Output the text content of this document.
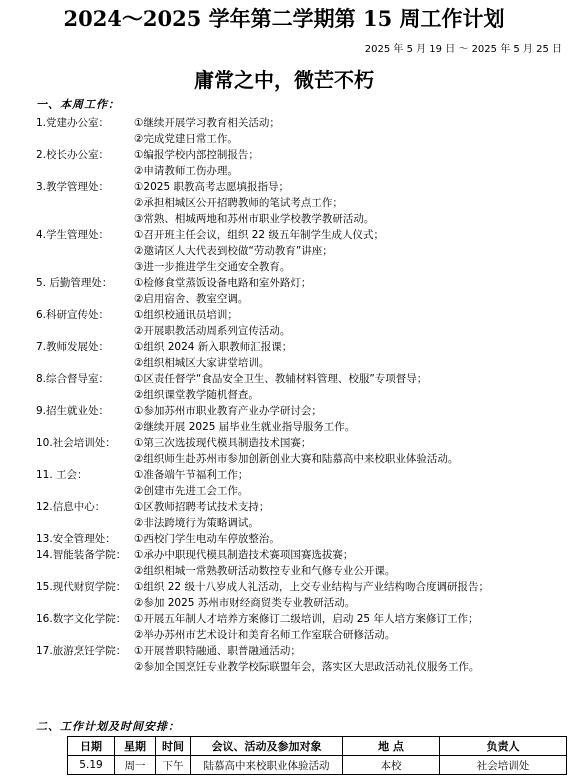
2024～2025 学年第二学期第 15 周工作计划
2025 年 5 月 19 日 ～ 2025 年 5 月 25 日
庸常之中，微芒不朽
一、本周工作：
1.党建办公室：	①继续开展学习教育相关活动；
②完成党建日常工作。
2.校长办公室：	①编报学校内部控制报告；
②申请教师工伤办理。
3.教学管理处：	①2025 职教高考志愿填报指导；
②承担相城区公开招聘教师的笔试考点工作；
③常熟、相城两地和苏州市职业学校教学教研活动。
4.学生管理处：	①召开班主任会议，组织 22 级五年制学生成人仪式；
②邀请区人大代表到校做“劳动教育”讲座；
③进一步推进学生交通安全教育。
5. 后勤管理处：	①检修食堂蒸饭设备电路和室外路灯；
②启用宿舍、教室空调。
6.科研宣传处：	①组织校通讯员培训；
②开展职教活动周系列宣传活动。
7.教师发展处：	①组织 2024 新入职教师汇报课；
②组织相城区大家讲堂培训。
8.综合督导室：	①区责任督学“食品安全卫生、教辅材料管理、校服”专项督导；
②组织课堂教学随机督查。
9.招生就业处：	①参加苏州市职业教育产业办学研讨会；
②继续开展 2025 届毕业生就业指导服务工作。
10.社会培训处：	①第三次选拔现代模具制造技术国赛；
②组织师生赴苏州市参加创新创业大赛和陆慕高中来校职业体验活动。
11. 工会：	①准备端午节福利工作；
②创建市先进工会工作。
12.信息中心：	①区教师招聘考试技术支持；
②非法跨境行为策略调试。
13.安全管理处：	①西校门学生电动车停放整治。
14.智能装备学院： ①承办中职现代模具制造技术赛项国赛选拔赛；
②组织相城一常熟教研活动数控专业和气修专业公开课。
15.现代财贸学院： ①组织 22 级十八岁成人礼活动，上交专业结构与产业结构吻合度调研报告；
②参加 2025 苏州市财经商贸类专业教研活动。
16.数字文化学院： ①开展五年制人才培养方案修订二级培训，启动 25 年人培方案修订工作；
②举办苏州市艺术设计和美育名师工作室联合研修活动。
17.旅游烹饪学院： ①开展普职特融通、职普融通活动；
②参加全国烹饪专业教学校际联盟年会，落实区大思政活动礼仪服务工作。
二、工作计划及时间安排：
日期	星期	时间	会议、活动及参加对象	地 点	负责人
5.19	周一	下午	陆慕高中来校职业体验活动	本校	社会培训处
